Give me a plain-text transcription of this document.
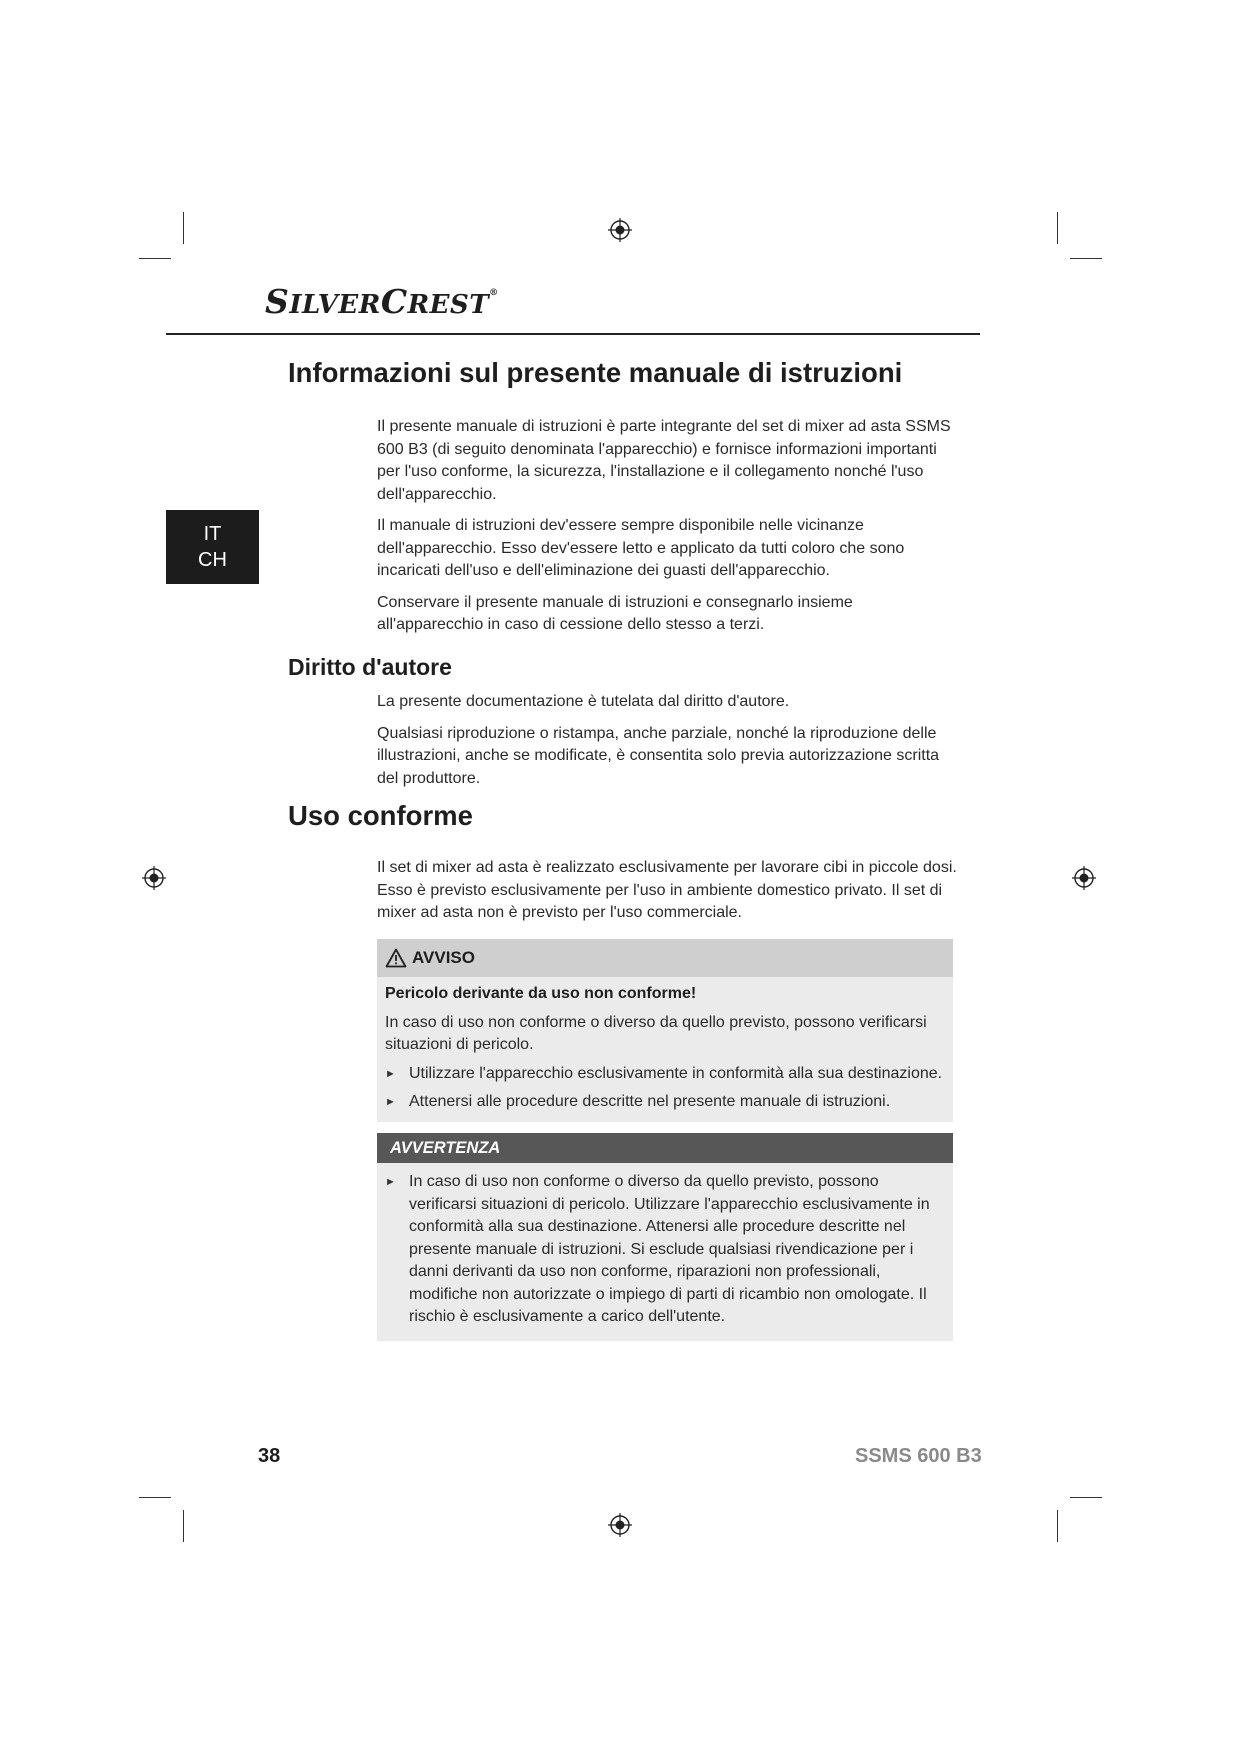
SILVERCREST®
IT
CH
Informazioni sul presente manuale di istruzioni

Il presente manuale di istruzioni è parte integrante del set di mixer ad asta SSMS 600 B3 (di seguito denominata l'apparecchio) e fornisce informazioni importanti per l'uso conforme, la sicurezza, l'installazione e il collegamento nonché l'uso dell'apparecchio.

Il manuale di istruzioni dev'essere sempre disponibile nelle vicinanze dell'apparecchio. Esso dev'essere letto e applicato da tutti coloro che sono incaricati dell'uso e dell'eliminazione dei guasti dell'apparecchio.

Conservare il presente manuale di istruzioni e consegnarlo insieme all'apparecchio in caso di cessione dello stesso a terzi.

Diritto d'autore

La presente documentazione è tutelata dal diritto d'autore.

Qualsiasi riproduzione o ristampa, anche parziale, nonché la riproduzione delle illustrazioni, anche se modificate, è consentita solo previa autorizzazione scritta del produttore.

Uso conforme

Il set di mixer ad asta è realizzato esclusivamente per lavorare cibi in piccole dosi. Esso è previsto esclusivamente per l'uso in ambiente domestico privato. Il set di mixer ad asta non è previsto per l'uso commerciale.

AVVISO

Pericolo derivante da uso non conforme!

In caso di uso non conforme o diverso da quello previsto, possono verificarsi situazioni di pericolo.

► Utilizzare l'apparecchio esclusivamente in conformità alla sua destinazione.
► Attenersi alle procedure descritte nel presente manuale di istruzioni.
AVVERTENZA
► In caso di uso non conforme o diverso da quello previsto, possono verificarsi situazioni di pericolo. Utilizzare l'apparecchio esclusivamente in conformità alla sua destinazione. Attenersi alle procedure descritte nel presente manuale di istruzioni. Si esclude qualsiasi rivendicazione per i danni derivanti da uso non conforme, riparazioni non professionali, modifiche non autorizzate o impiego di parti di ricambio non omologate. Il rischio è esclusivamente a carico dell'utente.
38	SSMS 600 B3
